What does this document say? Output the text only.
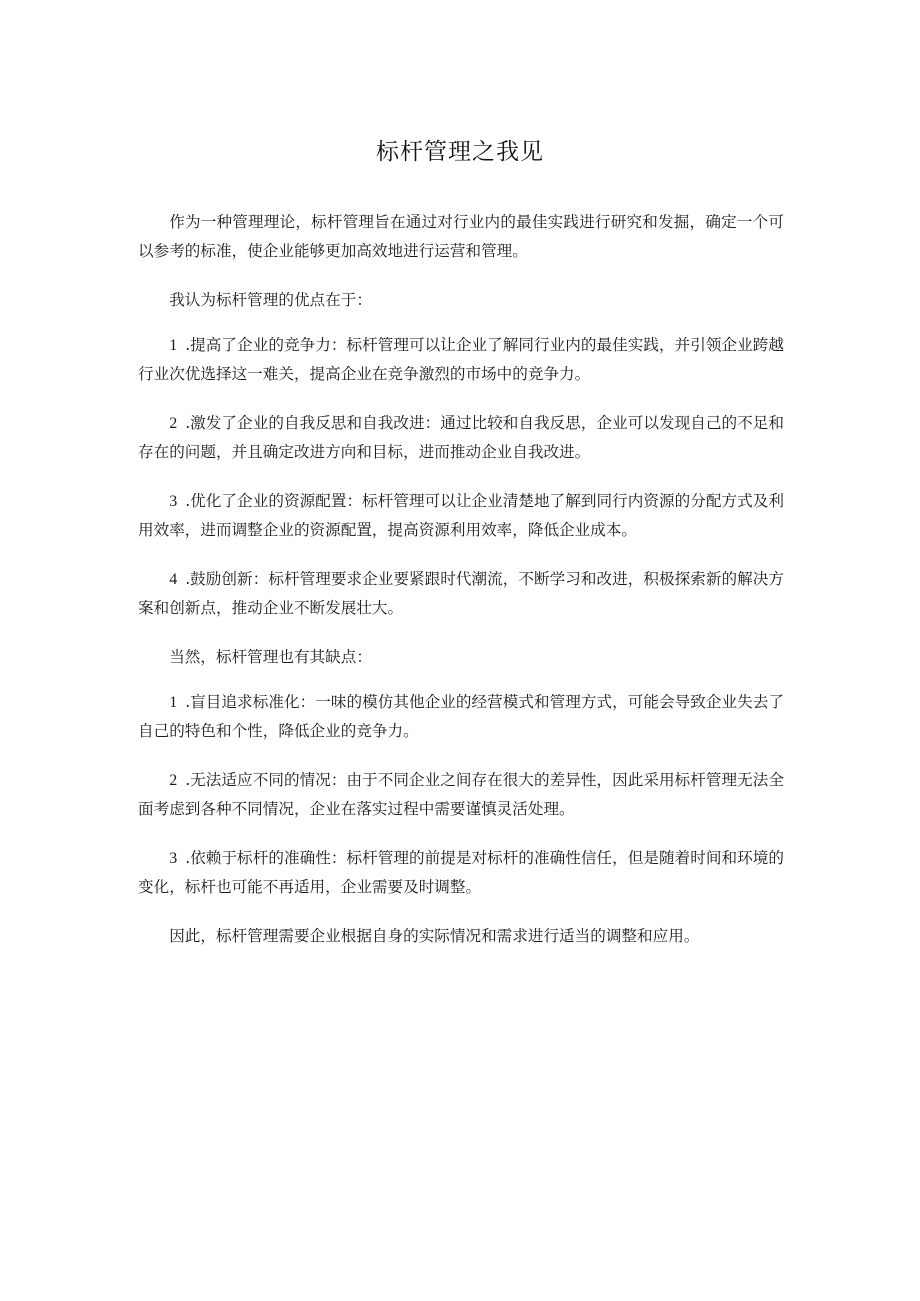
标杆管理之我见

作为一种管理理论，标杆管理旨在通过对行业内的最佳实践进行研究和发掘，确定一个可以参考的标准，使企业能够更加高效地进行运营和管理。

我认为标杆管理的优点在于：

1 .提高了企业的竞争力：标杆管理可以让企业了解同行业内的最佳实践，并引领企业跨越行业次优选择这一难关，提高企业在竞争激烈的市场中的竞争力。

2 .激发了企业的自我反思和自我改进：通过比较和自我反思，企业可以发现自己的不足和存在的问题，并且确定改进方向和目标，进而推动企业自我改进。

3 .优化了企业的资源配置：标杆管理可以让企业清楚地了解到同行内资源的分配方式及利用效率，进而调整企业的资源配置，提高资源利用效率，降低企业成本。

4 .鼓励创新：标杆管理要求企业要紧跟时代潮流，不断学习和改进，积极探索新的解决方案和创新点，推动企业不断发展壮大。

当然，标杆管理也有其缺点：

1 .盲目追求标准化：一味的模仿其他企业的经营模式和管理方式，可能会导致企业失去了自己的特色和个性，降低企业的竞争力。

2 .无法适应不同的情况：由于不同企业之间存在很大的差异性，因此采用标杆管理无法全面考虑到各种不同情况，企业在落实过程中需要谨慎灵活处理。

3 .依赖于标杆的准确性：标杆管理的前提是对标杆的准确性信任，但是随着时间和环境的变化，标杆也可能不再适用，企业需要及时调整。

因此，标杆管理需要企业根据自身的实际情况和需求进行适当的调整和应用。
